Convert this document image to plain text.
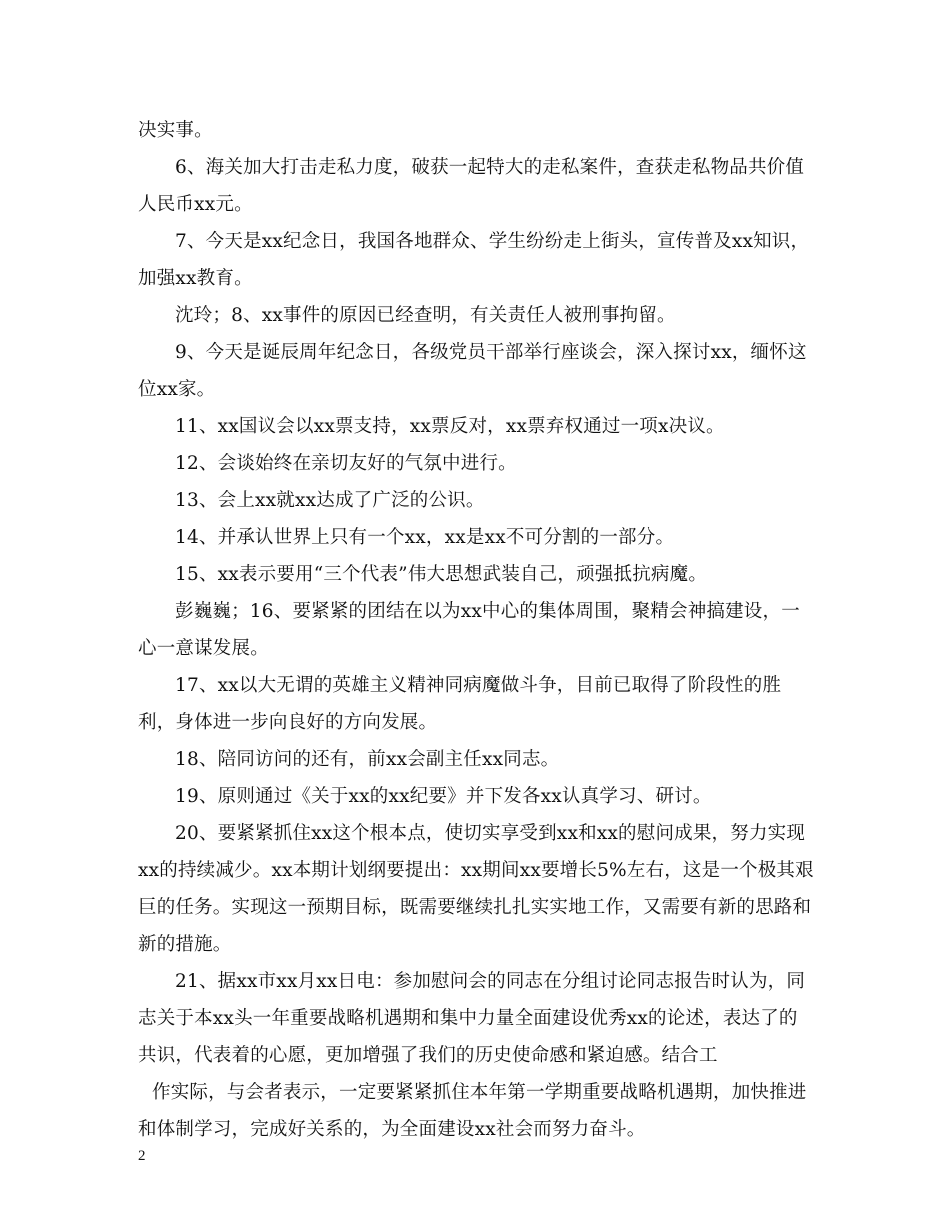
决实事。

6、海关加大打击走私力度，破获一起特大的走私案件，查获走私物品共价值人民币xx元。

7、今天是xx纪念日，我国各地群众、学生纷纷走上街头，宣传普及xx知识，加强xx教育。

沈玲；8、xx事件的原因已经查明，有关责任人被刑事拘留。

9、今天是诞辰周年纪念日，各级党员干部举行座谈会，深入探讨xx，缅怀这位xx家。

11、xx国议会以xx票支持，xx票反对，xx票弃权通过一项x决议。

12、会谈始终在亲切友好的气氛中进行。

13、会上xx就xx达成了广泛的公识。

14、并承认世界上只有一个xx，xx是xx不可分割的一部分。

15、xx表示要用“三个代表”伟大思想武装自己，顽强抵抗病魔。

彭巍巍；16、要紧紧的团结在以为xx中心的集体周围，聚精会神搞建设，一心一意谋发展。

17、xx以大无谓的英雄主义精神同病魔做斗争，目前已取得了阶段性的胜利，身体进一步向良好的方向发展。

18、陪同访问的还有，前xx会副主任xx同志。

19、原则通过《关于xx的xx纪要》并下发各xx认真学习、研讨。

20、要紧紧抓住xx这个根本点，使切实享受到xx和xx的慰问成果，努力实现xx的持续减少。xx本期计划纲要提出：xx期间xx要增长5%左右，这是一个极其艰巨的任务。实现这一预期目标，既需要继续扎扎实实地工作，又需要有新的思路和新的措施。

21、据xx市xx月xx日电：参加慰问会的同志在分组讨论同志报告时认为，同志关于本xx头一年重要战略机遇期和集中力量全面建设优秀xx的论述，表达了的共识，代表着的心愿，更加增强了我们的历史使命感和紧迫感。结合工

作实际，与会者表示，一定要紧紧抓住本年第一学期重要战略机遇期，加快推进和体制学习，完成好关系的，为全面建设xx社会而努力奋斗。

2
